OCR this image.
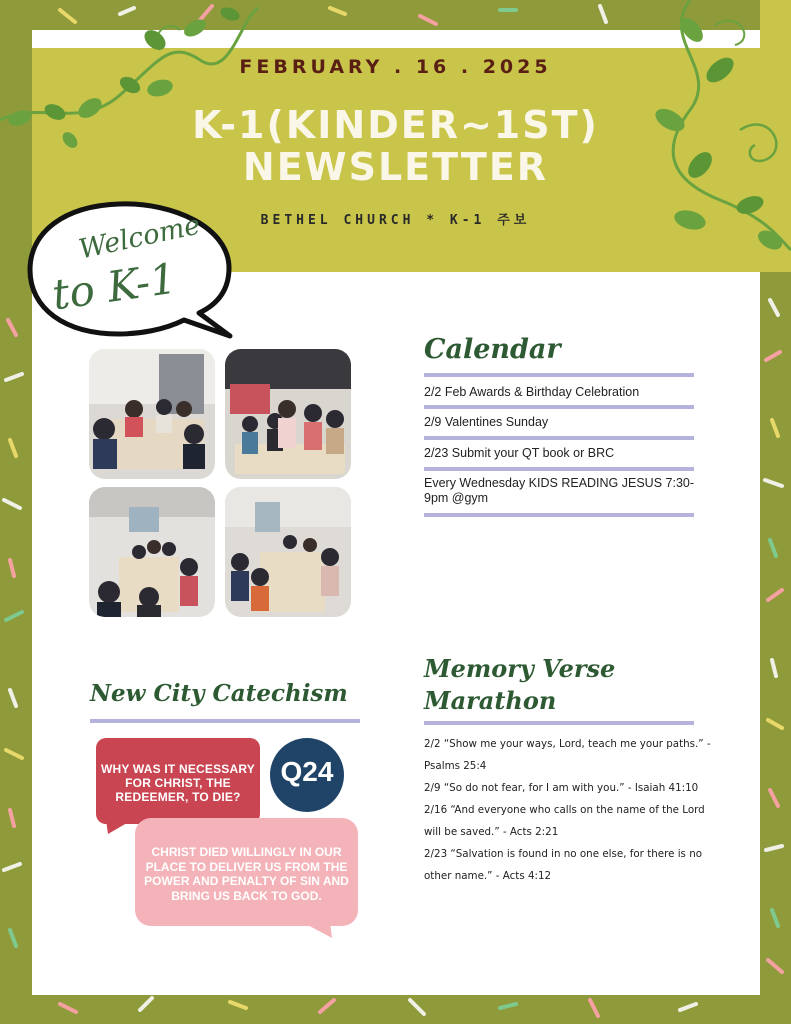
FEBRUARY . 16 . 2025
K-1(KINDER~1ST)
NEWSLETTER
BETHEL CHURCH * K-1 주보
Welcome
to K-1
Calendar
2/2 Feb Awards & Birthday Celebration
2/9 Valentines Sunday
2/23 Submit your QT book or BRC
Every Wednesday KIDS READING JESUS 7:30-9pm @gym
New City Catechism
WHY WAS IT NECESSARY FOR CHRIST, THE REDEEMER, TO DIE?
Q24
CHRIST DIED WILLINGLY IN OUR PLACE TO DELIVER US FROM THE POWER AND PENALTY OF SIN AND BRING US BACK TO GOD.
Memory Verse
Marathon
2/2 “Show me your ways, Lord, teach me your paths.” - Psalms 25:4
2/9 “So do not fear, for I am with you.” - Isaiah 41:10
2/16 “And everyone who calls on the name of the Lord will be saved.” - Acts 2:21
2/23 “Salvation is found in no one else, for there is no other name.” - Acts 4:12
